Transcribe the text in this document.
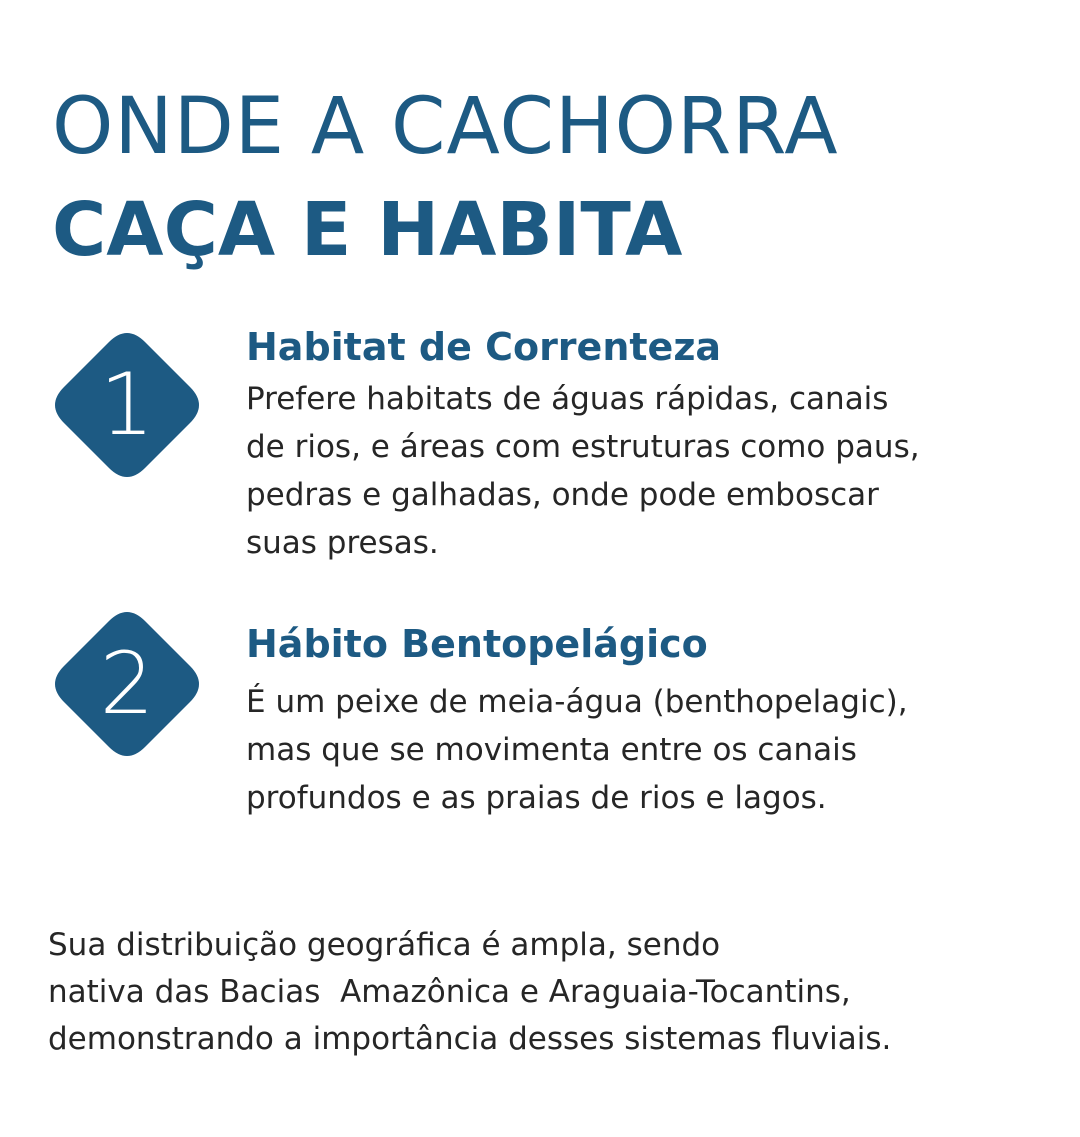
ONDE A CACHORRA
CAÇA E HABITA
1

Habitat de Correnteza

Prefere habitats de águas rápidas, canais
de rios, e áreas com estruturas como paus,
pedras e galhadas, onde pode emboscar
suas presas.
2	Hábito Bentopelágico

É um peixe de meia-água (benthopelagic),
mas que se movimenta entre os canais
profundos e as praias de rios e lagos.
Sua distribuição geográfica é ampla, sendo
nativa das Bacias  Amazônica e Araguaia-Tocantins,
demonstrando a importância desses sistemas fluviais.
